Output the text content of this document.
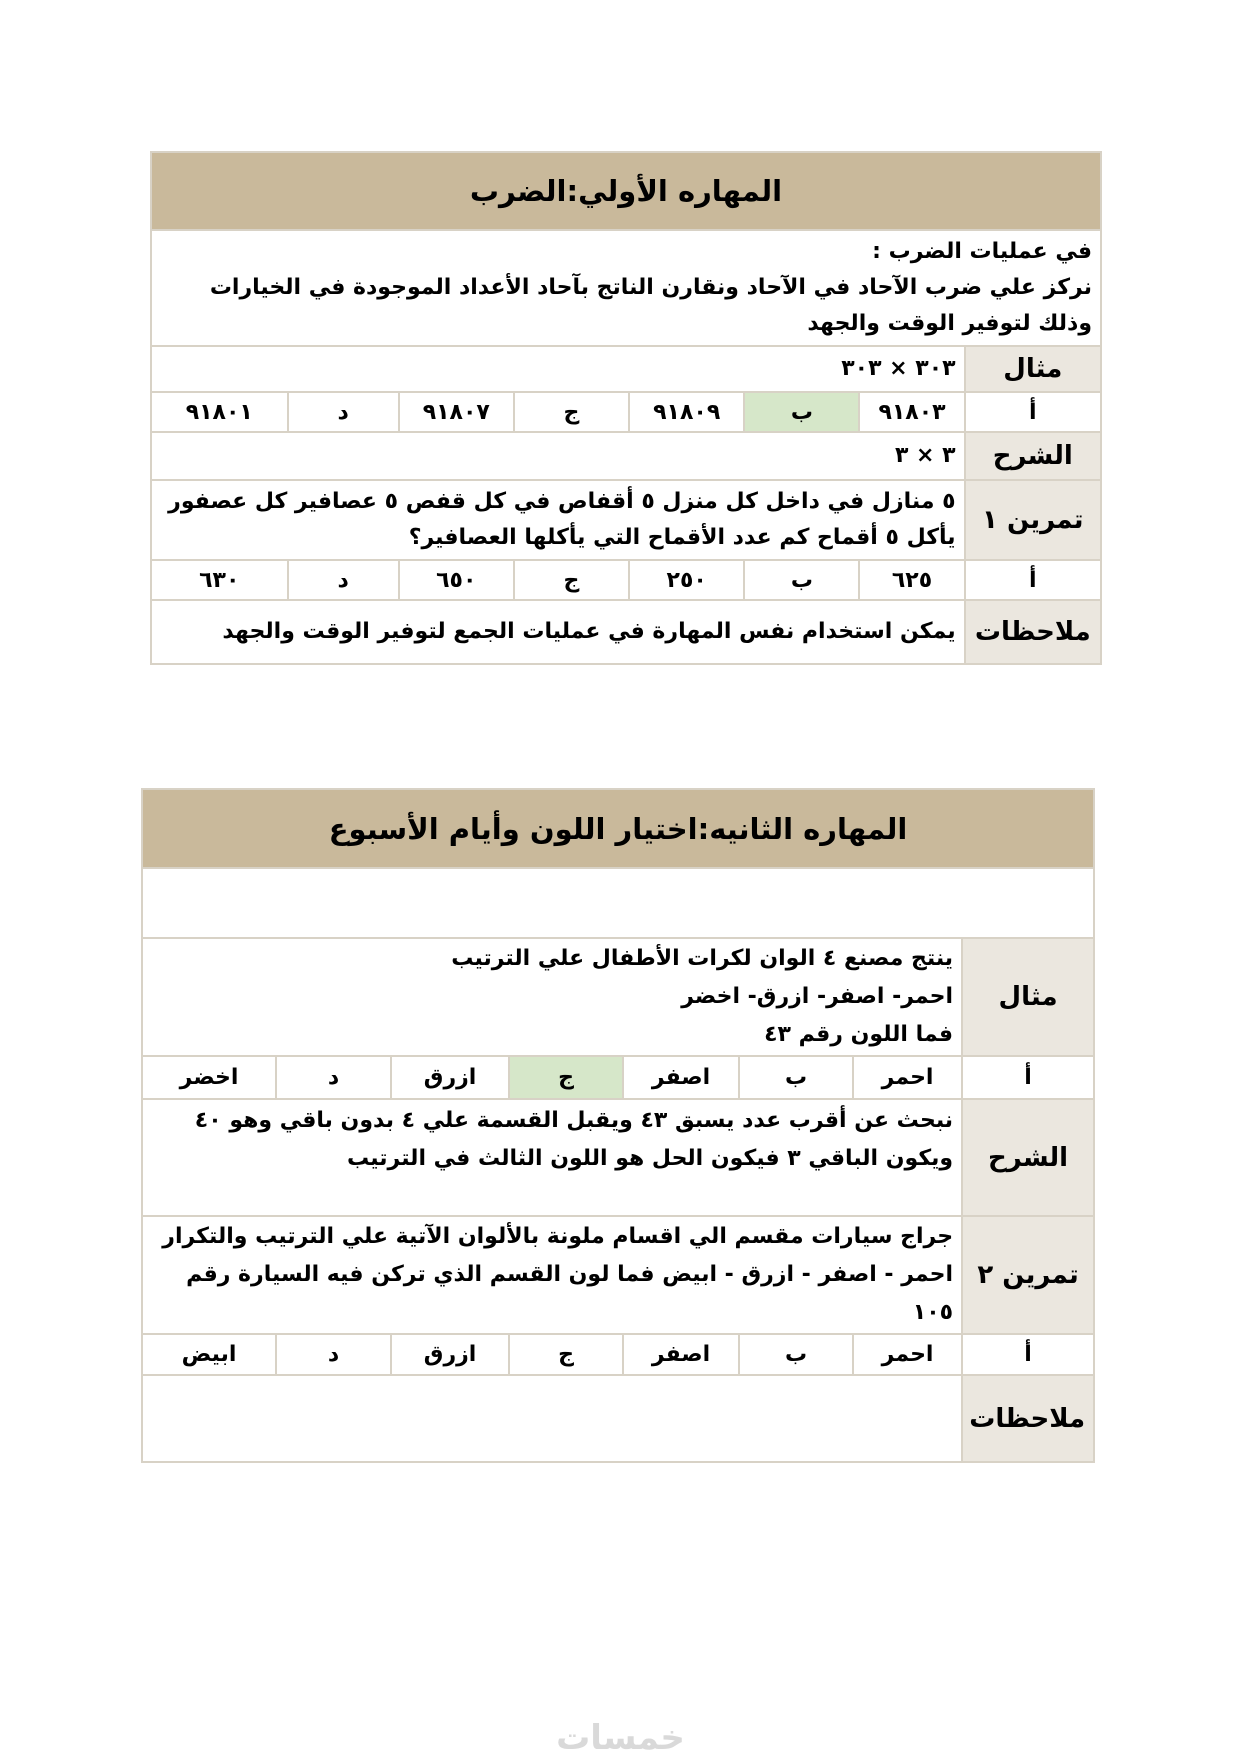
المهاره الأولي:الضرب							

في عمليات الضرب :
نركز علي ضرب الآحاد في الآحاد ونقارن الناتج بآحاد الأعداد الموجودة في الخيارات
وذلك لتوفير الوقت والجهد							

مثال	٣٠٣ × ٣٠٣						
أ	٩١٨٠٣	ب	٩١٨٠٩	ج	٩١٨٠٧	د	٩١٨٠١
الشرح	٣ × ٣						
تمرين ١	٥ منازل في داخل كل منزل ٥ أقفاص في كل قفص ٥ عصافير كل عصفور
يأكل ٥ أقماح كم عدد الأقماح التي يأكلها العصافير؟						

أ	٦٢٥	ب	٢٥٠	ج	٦٥٠	د	٦٣٠
ملاحظات	يمكن استخدام نفس المهارة في عمليات الجمع لتوفير الوقت والجهد						
المهاره الثانيه:اختيار اللون وأيام الأسبوع							

مثال	ينتج مصنع ٤ الوان لكرات الأطفال علي الترتيب
احمر- اصفر- ازرق- اخضر
فما اللون رقم ٤٣						

أ	احمر	ب	اصفر	ج	ازرق	د	اخضر
الشرح	نبحث عن أقرب عدد يسبق ٤٣ ويقبل القسمة علي ٤ بدون باقي وهو ٤٠
ويكون الباقي ٣ فيكون الحل هو اللون الثالث في الترتيب						

تمرين ٢	جراج سيارات مقسم الي اقسام ملونة بالألوان الآتية علي الترتيب والتكرار
احمر - اصفر - ازرق - ابيض فما لون القسم الذي تركن فيه السيارة رقم
١٠٥						

أ	احمر	ب	اصفر	ج	ازرق	د	ابيض
ملاحظات							
خمسات
